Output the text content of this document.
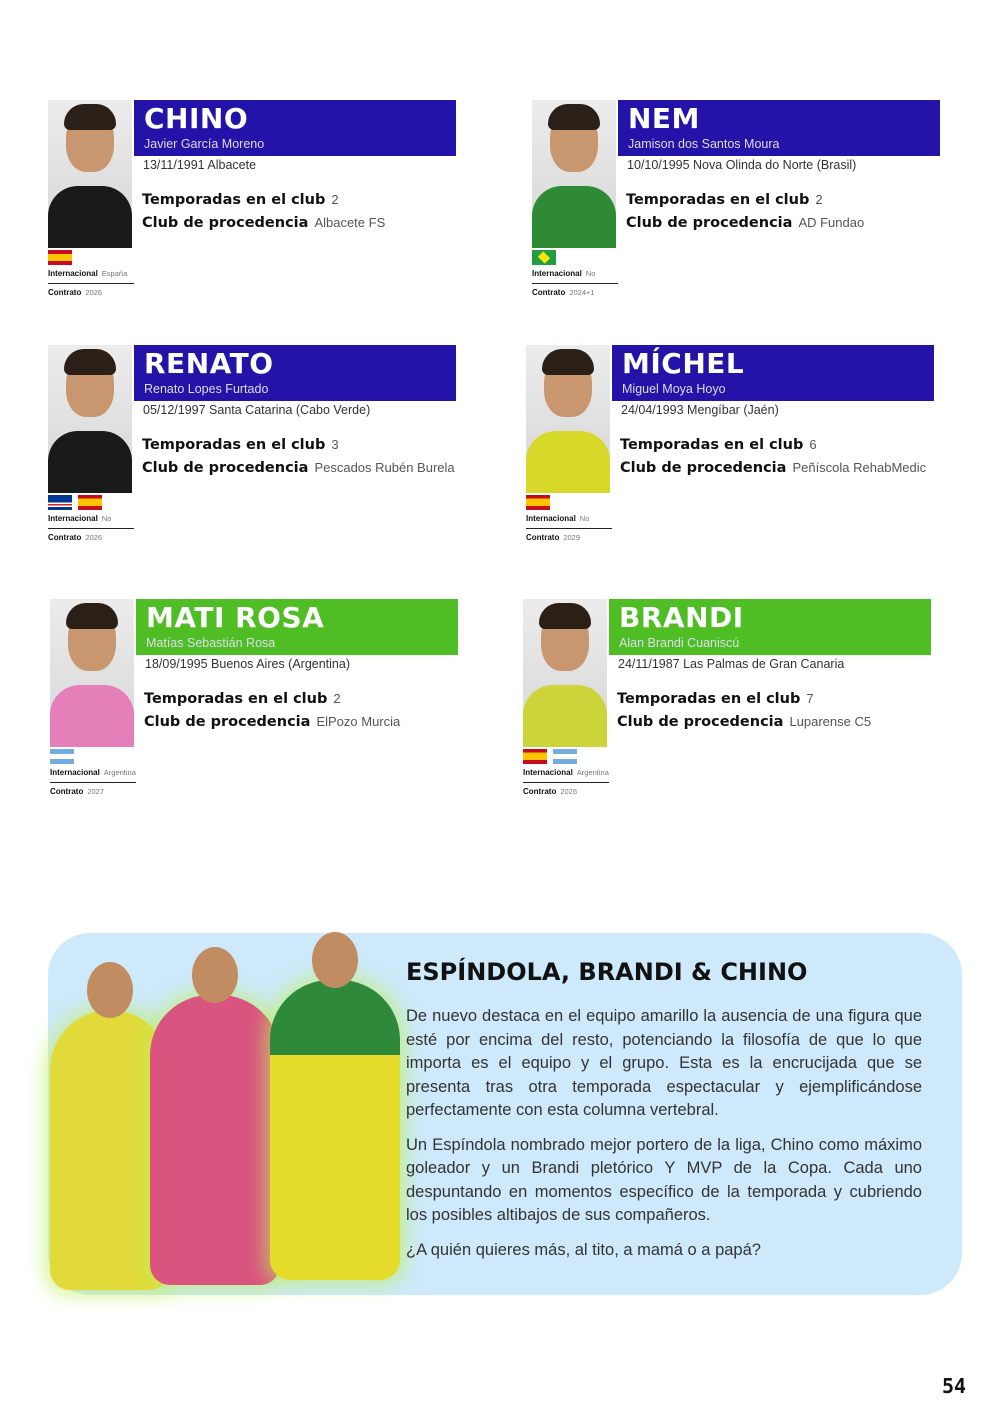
CHINO
Javier García Moreno
13/11/1991 Albacete
Temporadas en el club 2
Club de procedencia Albacete FS
Internacional España
Contrato 2026
NEM
Jamison dos Santos Moura
10/10/1995 Nova Olinda do Norte (Brasil)
Temporadas en el club 2
Club de procedencia AD Fundao
Internacional No
Contrato 2024+1
RENATO
Renato Lopes Furtado
05/12/1997 Santa Catarina (Cabo Verde)
Temporadas en el club 3
Club de procedencia Pescados Rubén Burela
Internacional No
Contrato 2026
MÍCHEL
Miguel Moya Hoyo
24/04/1993 Mengíbar (Jaén)
Temporadas en el club 6
Club de procedencia Peñíscola RehabMedic
Internacional No
Contrato 2029
MATI ROSA
Matías Sebastián Rosa
18/09/1995 Buenos Aires (Argentina)
Temporadas en el club 2
Club de procedencia ElPozo Murcia
Internacional Argentina
Contrato 2027
BRANDI
Alan Brandi Cuaniscú
24/11/1987 Las Palmas de Gran Canaria
Temporadas en el club 7
Club de procedencia Luparense C5
Internacional Argentina
Contrato 2026
ESPÍNDOLA, BRANDI & CHINO

De nuevo destaca en el equipo amarillo la ausencia de una figura que esté por encima del resto, potenciando la filosofía de que lo que importa es el equipo y el grupo. Esta es la encrucijada que se presenta tras otra temporada espectacular y ejemplificándose perfectamente con esta columna vertebral.

Un Espíndola nombrado mejor portero de la liga, Chino como máximo goleador y un Brandi pletórico Y MVP de la Copa. Cada uno despuntando en momentos específico de la temporada y cubriendo los posibles altibajos de sus compañeros.

¿A quién quieres más, al tito, a mamá o a papá?

54
